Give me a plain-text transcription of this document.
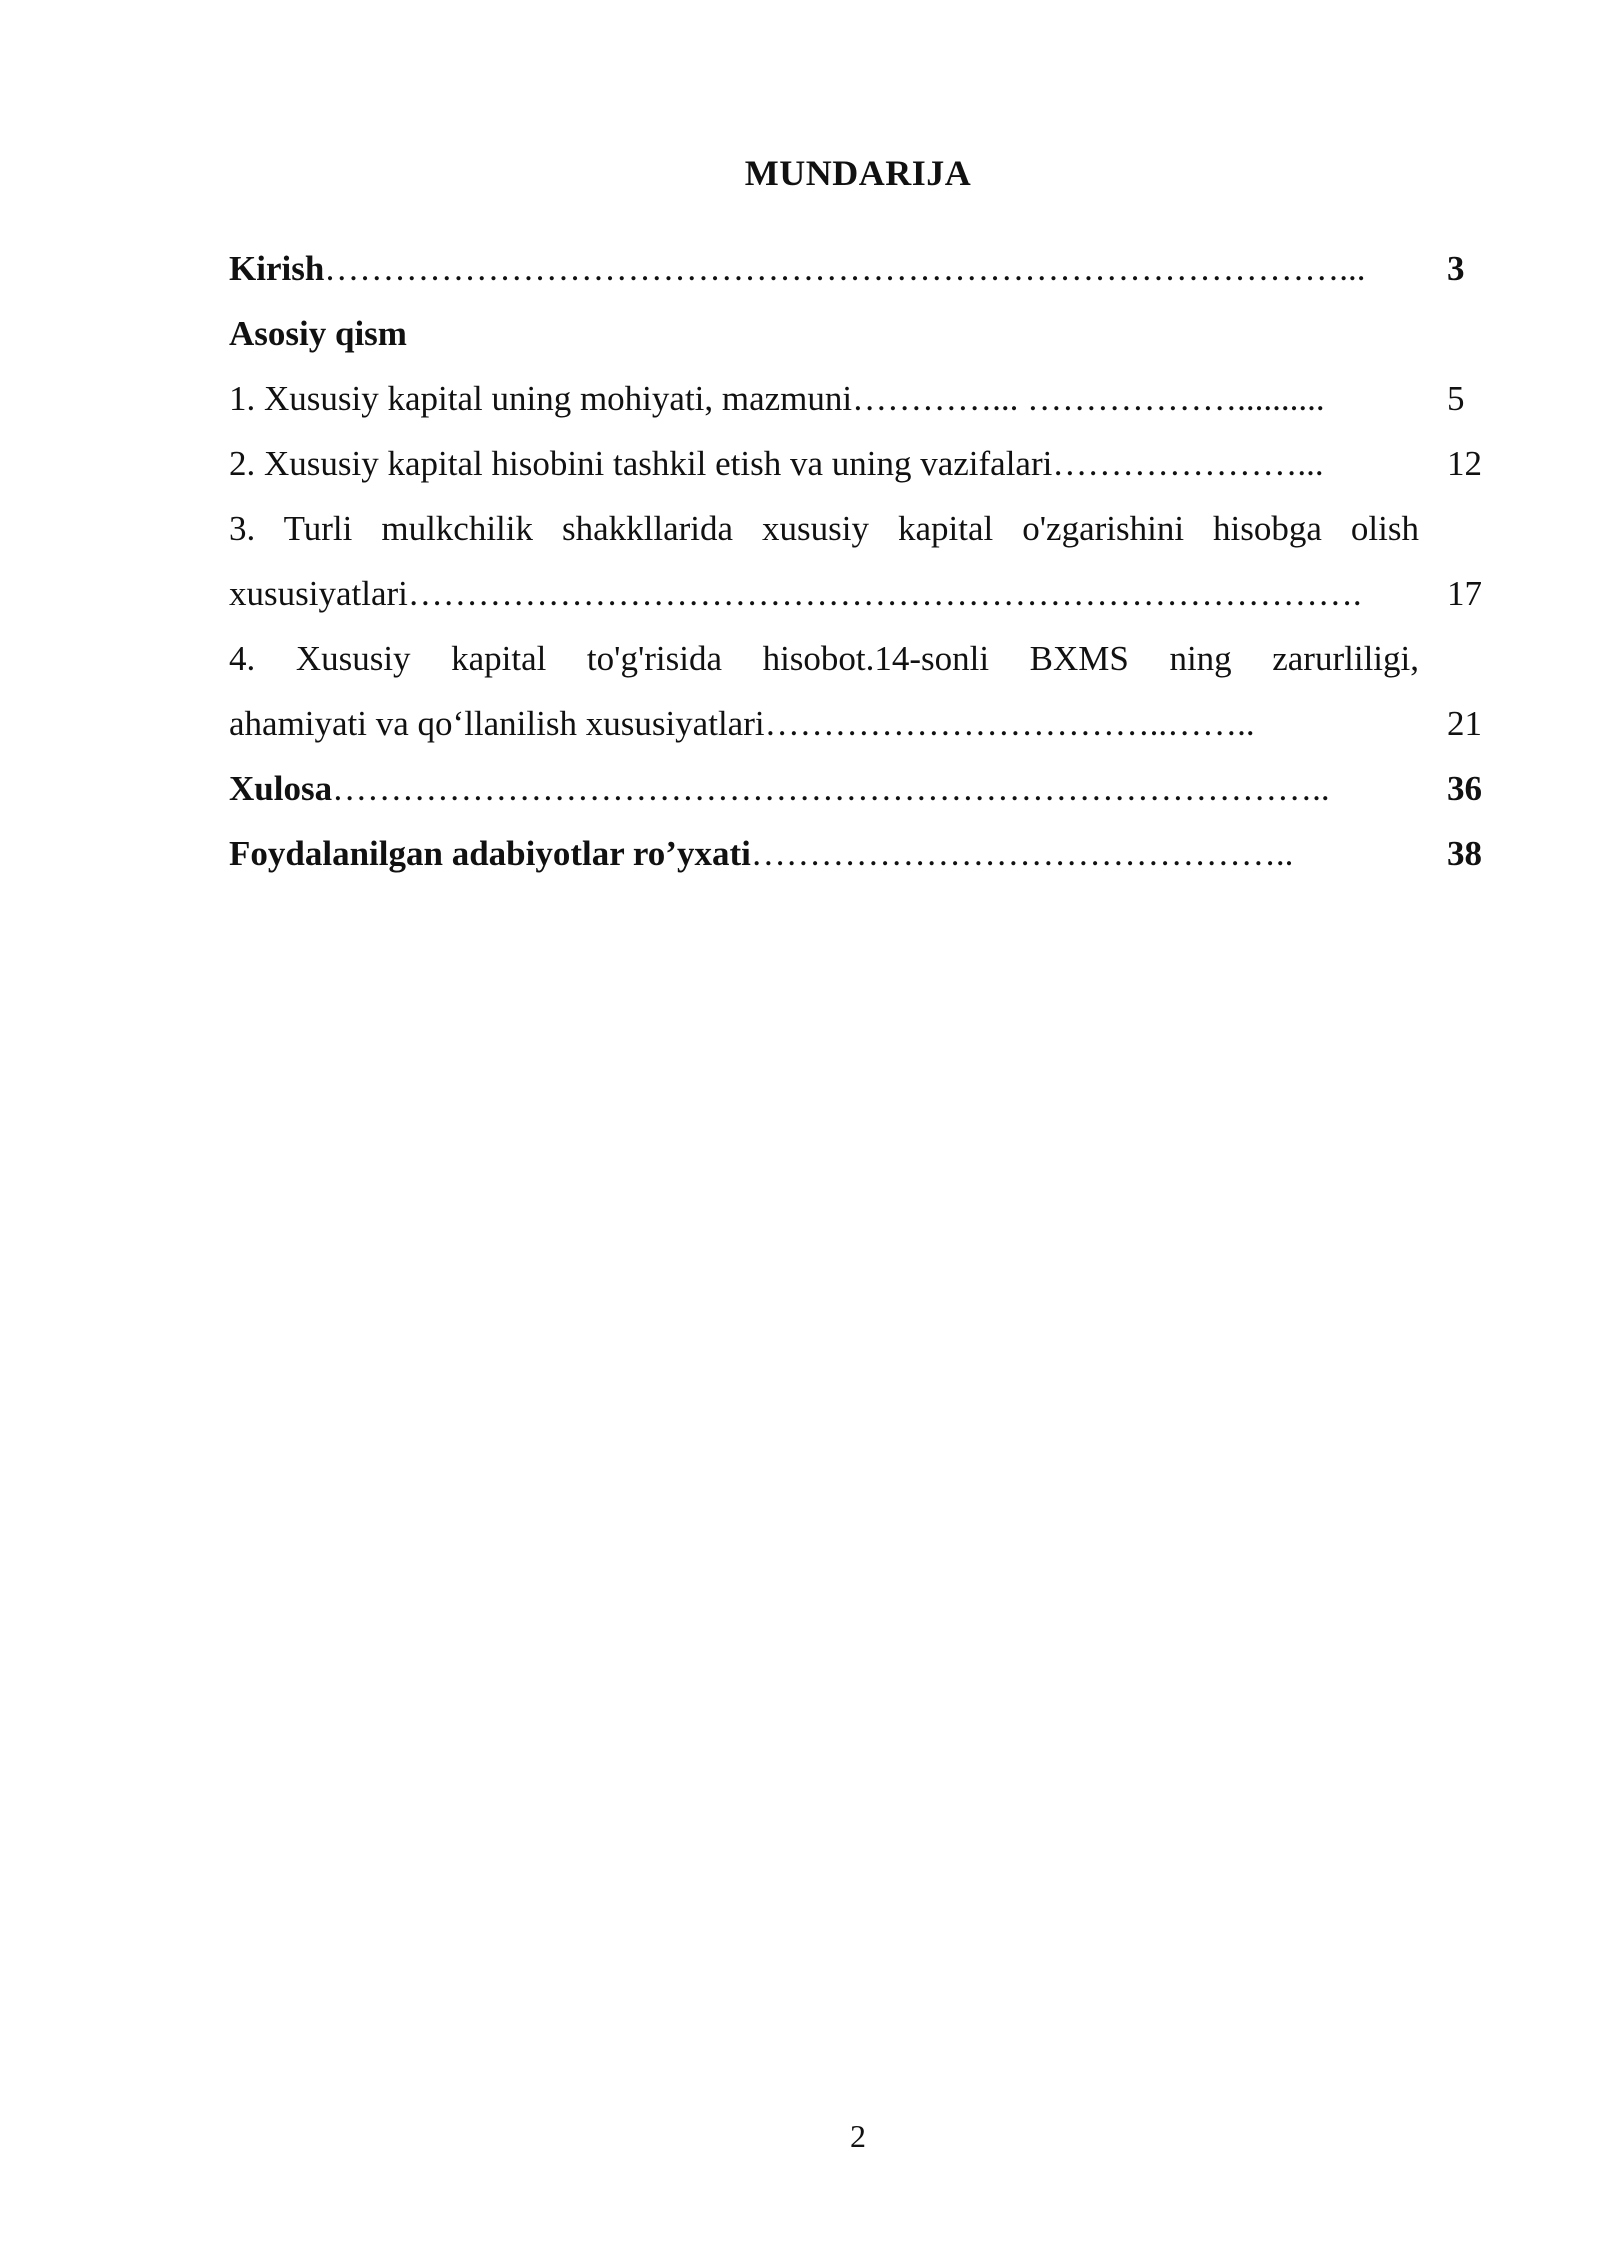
MUNDARIJA
Kirish……………………………………………………………………………...	3
Asosiy qism
1. Xususiy kapital uning mohiyati, mazmuni…………... ………………..........	5
2. Xususiy kapital hisobini tashkil etish va uning vazifalari…………………...	12
3. Turli mulkchilik shakkllarida xususiy kapital o'zgarishini hisobga olish
xususiyatlari……………………………………………………………………….	17
4. Xususiy kapital to'g'risida hisobot.14-sonli BXMS ning zarurliligi,
ahamiyati va qo‘llanilish xususiyatlari……………………………..……..	21
Xulosa…………………………………………………………………………..	36
Foydalanilgan adabiyotlar ro’yxati………………………………………..	38
2
